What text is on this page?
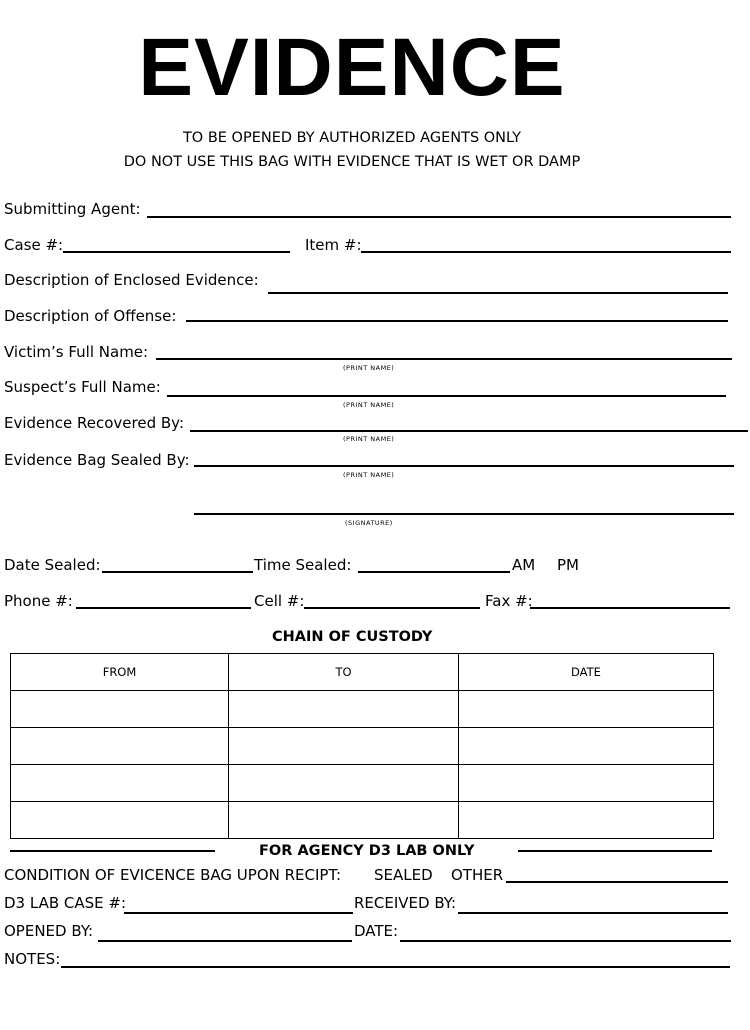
EVIDENCE
TO BE OPENED BY AUTHORIZED AGENTS ONLY
DO NOT USE THIS BAG WITH EVIDENCE THAT IS WET OR DAMP
Submitting Agent:
Case #:	Item #:
Description of Enclosed Evidence:
Description of Offense:
Victim’s Full Name:
(PRINT NAME)
Suspect’s Full Name:
(PRINT NAME)
Evidence Recovered By:
(PRINT NAME)
Evidence Bag Sealed By:
(PRINT NAME)
(SIGNATURE)
Date Sealed:	Time Sealed:	AM PM
Phone #:	Cell #:	Fax #:
CHAIN OF CUSTODY
FROM	TO	DATE

FOR AGENCY D3 LAB ONLY
CONDITION OF EVICENCE BAG UPON RECIPT: SEALED OTHER
D3 LAB CASE #:	RECEIVED BY:
OPENED BY:	DATE:
NOTES:
